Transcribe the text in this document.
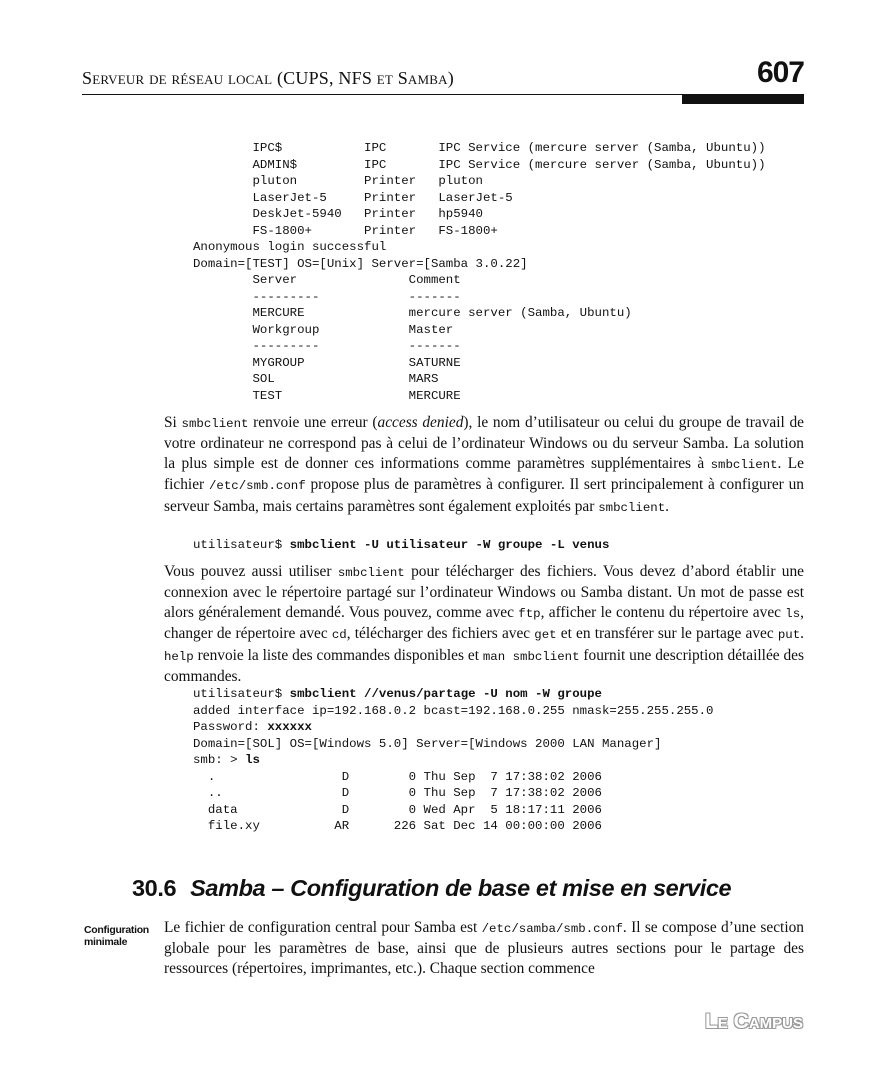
Serveur de réseau local (CUPS, NFS et Samba)	607
IPC$           IPC       IPC Service (mercure server (Samba, Ubuntu))
ADMIN$         IPC       IPC Service (mercure server (Samba, Ubuntu))
pluton         Printer   pluton
LaserJet-5     Printer   LaserJet-5
DeskJet-5940   Printer   hp5940
FS-1800+       Printer   FS-1800+
Anonymous login successful
Domain=[TEST] OS=[Unix] Server=[Samba 3.0.22]
Server               Comment
---------            -------
MERCURE              mercure server (Samba, Ubuntu)
Workgroup            Master
---------            -------
MYGROUP              SATURNE
SOL                  MARS
TEST                 MERCURE

Si smbclient renvoie une erreur (access denied), le nom d’utilisateur ou celui du groupe de travail de votre ordinateur ne correspond pas à celui de l’ordinateur Windows ou du serveur Samba. La solution la plus simple est de donner ces informations comme paramètres supplémentaires à smbclient. Le fichier /etc/smb.conf propose plus de paramètres à configurer. Il sert principalement à configurer un serveur Samba, mais certains paramètres sont également exploités par smbclient.

utilisateur$ smbclient -U utilisateur -W groupe -L venus

Vous pouvez aussi utiliser smbclient pour télécharger des fichiers. Vous devez d’abord établir une connexion avec le répertoire partagé sur l’ordinateur Windows ou Samba distant. Un mot de passe est alors généralement demandé. Vous pouvez, comme avec ftp, afficher le contenu du répertoire avec ls, changer de répertoire avec cd, télécharger des fichiers avec get et en transférer sur le partage avec put. help renvoie la liste des commandes disponibles et man smbclient fournit une description détaillée des commandes.

utilisateur$ smbclient //venus/partage -U nom -W groupe
added interface ip=192.168.0.2 bcast=192.168.0.255 nmask=255.255.255.0
Password: xxxxxx
Domain=[SOL] OS=[Windows 5.0] Server=[Windows 2000 LAN Manager]
smb: > ls
.                 D        0 Thu Sep  7 17:38:02 2006
..                D        0 Thu Sep  7 17:38:02 2006
data              D        0 Wed Apr  5 18:17:11 2006
file.xy          AR      226 Sat Dec 14 00:00:00 2006
30.6 Samba – Configuration de base et mise en service
Configuration minimale

Le fichier de configuration central pour Samba est /etc/samba/smb.conf. Il se compose d’une section globale pour les paramètres de base, ainsi que de plusieurs autres sections pour le partage des ressources (répertoires, imprimantes, etc.). Chaque section commence

Le Campus
